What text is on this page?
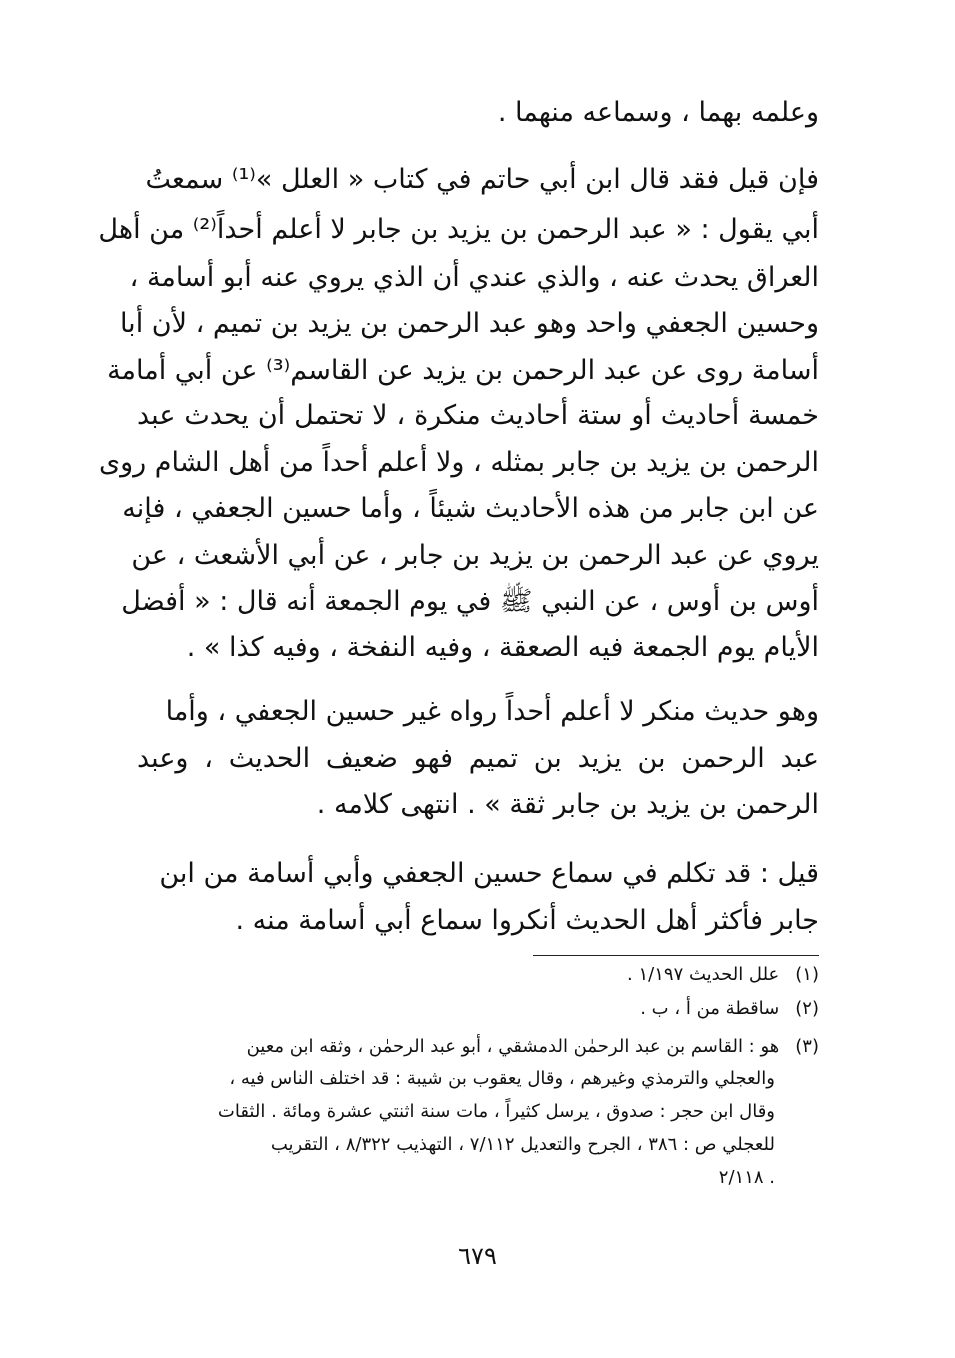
وعلمه بهما ، وسماعه منهما .
فإن قيل فقد قال ابن أبي حاتم في كتاب « العلل »⁽¹⁾ سمعتُ
أبي يقول : « عبد الرحمن بن يزيد بن جابر لا أعلم أحداً⁽²⁾ من أهل
العراق يحدث عنه ، والذي عندي أن الذي يروي عنه أبو أسامة ،
وحسين الجعفي واحد وهو عبد الرحمن بن يزيد بن تميم ، لأن أبا
أسامة روى عن عبد الرحمن بن يزيد عن القاسم⁽³⁾ عن أبي أمامة
خمسة أحاديث أو ستة أحاديث منكرة ، لا تحتمل أن يحدث عبد
الرحمن بن يزيد بن جابر بمثله ، ولا أعلم أحداً من أهل الشام روى
عن ابن جابر من هذه الأحاديث شيئاً ، وأما حسين الجعفي ، فإنه
يروي عن عبد الرحمن بن يزيد بن جابر ، عن أبي الأشعث ، عن
أوس بن أوس ، عن النبي ﷺ في يوم الجمعة أنه قال : « أفضل
الأيام يوم الجمعة فيه الصعقة ، وفيه النفخة ، وفيه كذا » .
وهو حديث منكر لا أعلم أحداً رواه غير حسين الجعفي ، وأما
عبد الرحمن بن يزيد بن تميم فهو ضعيف الحديث ، وعبد
الرحمن بن يزيد بن جابر ثقة » . انتهى كلامه .
قيل : قد تكلم في سماع حسين الجعفي وأبي أسامة من ابن
جابر فأكثر أهل الحديث أنكروا سماع أبي أسامة منه .
(١) علل الحديث ١/١٩٧ .
(٢) ساقطة من أ ، ب .
(٣) هو : القاسم بن عبد الرحمٰن الدمشقي ، أبو عبد الرحمٰن ، وثقه ابن معين
والعجلي والترمذي وغيرهم ، وقال يعقوب بن شيبة : قد اختلف الناس فيه ،
وقال ابن حجر : صدوق ، يرسل كثيراً ، مات سنة اثنتي عشرة ومائة . الثقات
للعجلي ص : ٣٨٦ ، الجرح والتعديل ٧/١١٢ ، التهذيب ٨/٣٢٢ ، التقريب
٢/١١٨ .
٦٧٩
